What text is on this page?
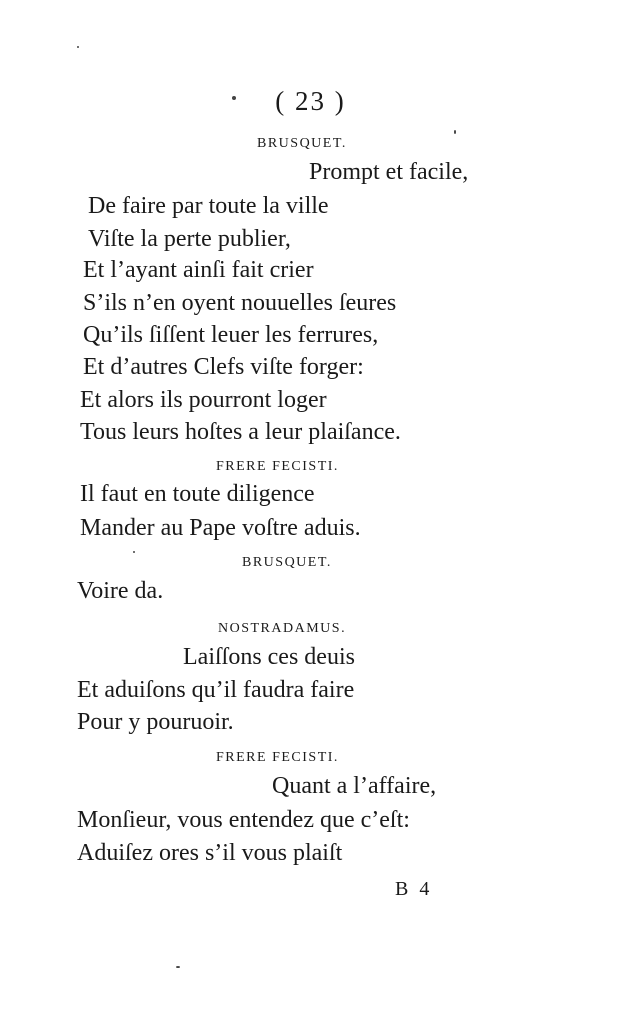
( 23 )
BRUSQUET.
Prompt et facile,
De faire par toute la ville
Viſte la perte publier,
Et l’ayant ainſi fait crier
S’ils n’en oyent nouuelles ſeures
Qu’ils ſiſſent leuer les ferrures,
Et d’autres Clefs viſte forger:
Et alors ils pourront loger
Tous leurs hoſtes a leur plaiſance.
FRERE FECISTI.
Il faut en toute diligence
Mander au Pape voſtre aduis.
BRUSQUET.
Voire da.
NOSTRADAMUS.
Laiſſons ces deuis
Et aduiſons qu’il faudra faire
Pour y pouruoir.
FRERE FECISTI.
Quant a l’affaire,
Monſieur, vous entendez que c’eſt:
Aduiſez ores s’il vous plaiſt
B 4
